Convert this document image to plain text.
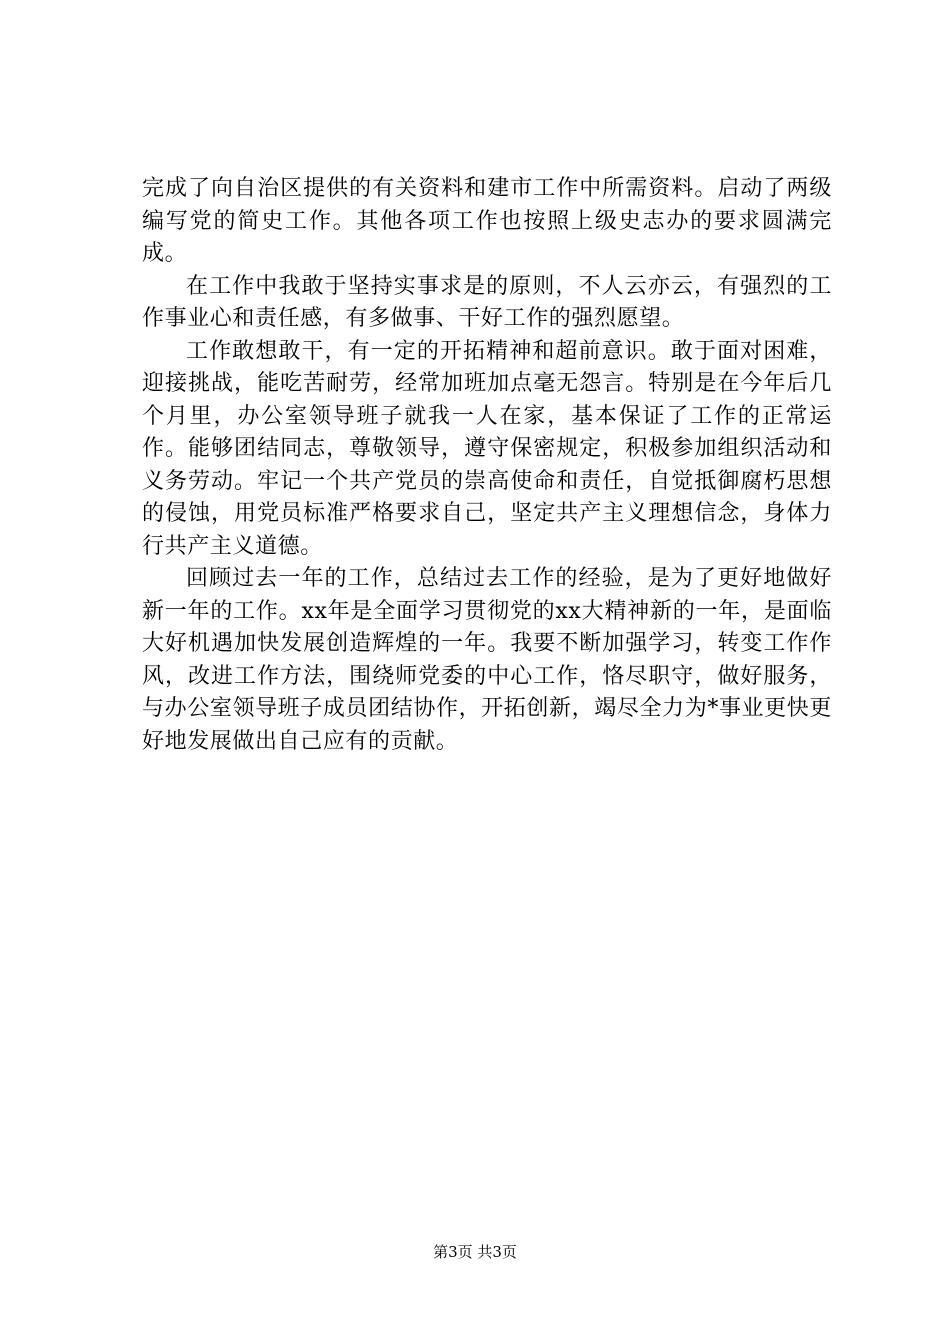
完成了向自治区提供的有关资料和建市工作中所需资料。启动了两级编写党的简史工作。其他各项工作也按照上级史志办的要求圆满完成。

在工作中我敢于坚持实事求是的原则，不人云亦云，有强烈的工作事业心和责任感，有多做事、干好工作的强烈愿望。

工作敢想敢干，有一定的开拓精神和超前意识。敢于面对困难，迎接挑战，能吃苦耐劳，经常加班加点毫无怨言。特别是在今年后几个月里，办公室领导班子就我一人在家，基本保证了工作的正常运作。能够团结同志，尊敬领导，遵守保密规定，积极参加组织活动和义务劳动。牢记一个共产党员的崇高使命和责任，自觉抵御腐朽思想的侵蚀，用党员标准严格要求自己，坚定共产主义理想信念，身体力行共产主义道德。

回顾过去一年的工作，总结过去工作的经验，是为了更好地做好新一年的工作。xx年是全面学习贯彻党的xx大精神新的一年，是面临大好机遇加快发展创造辉煌的一年。我要不断加强学习，转变工作作风，改进工作方法，围绕师党委的中心工作，恪尽职守，做好服务，与办公室领导班子成员团结协作，开拓创新，竭尽全力为*事业更快更好地发展做出自己应有的贡献。

第3页 共3页
